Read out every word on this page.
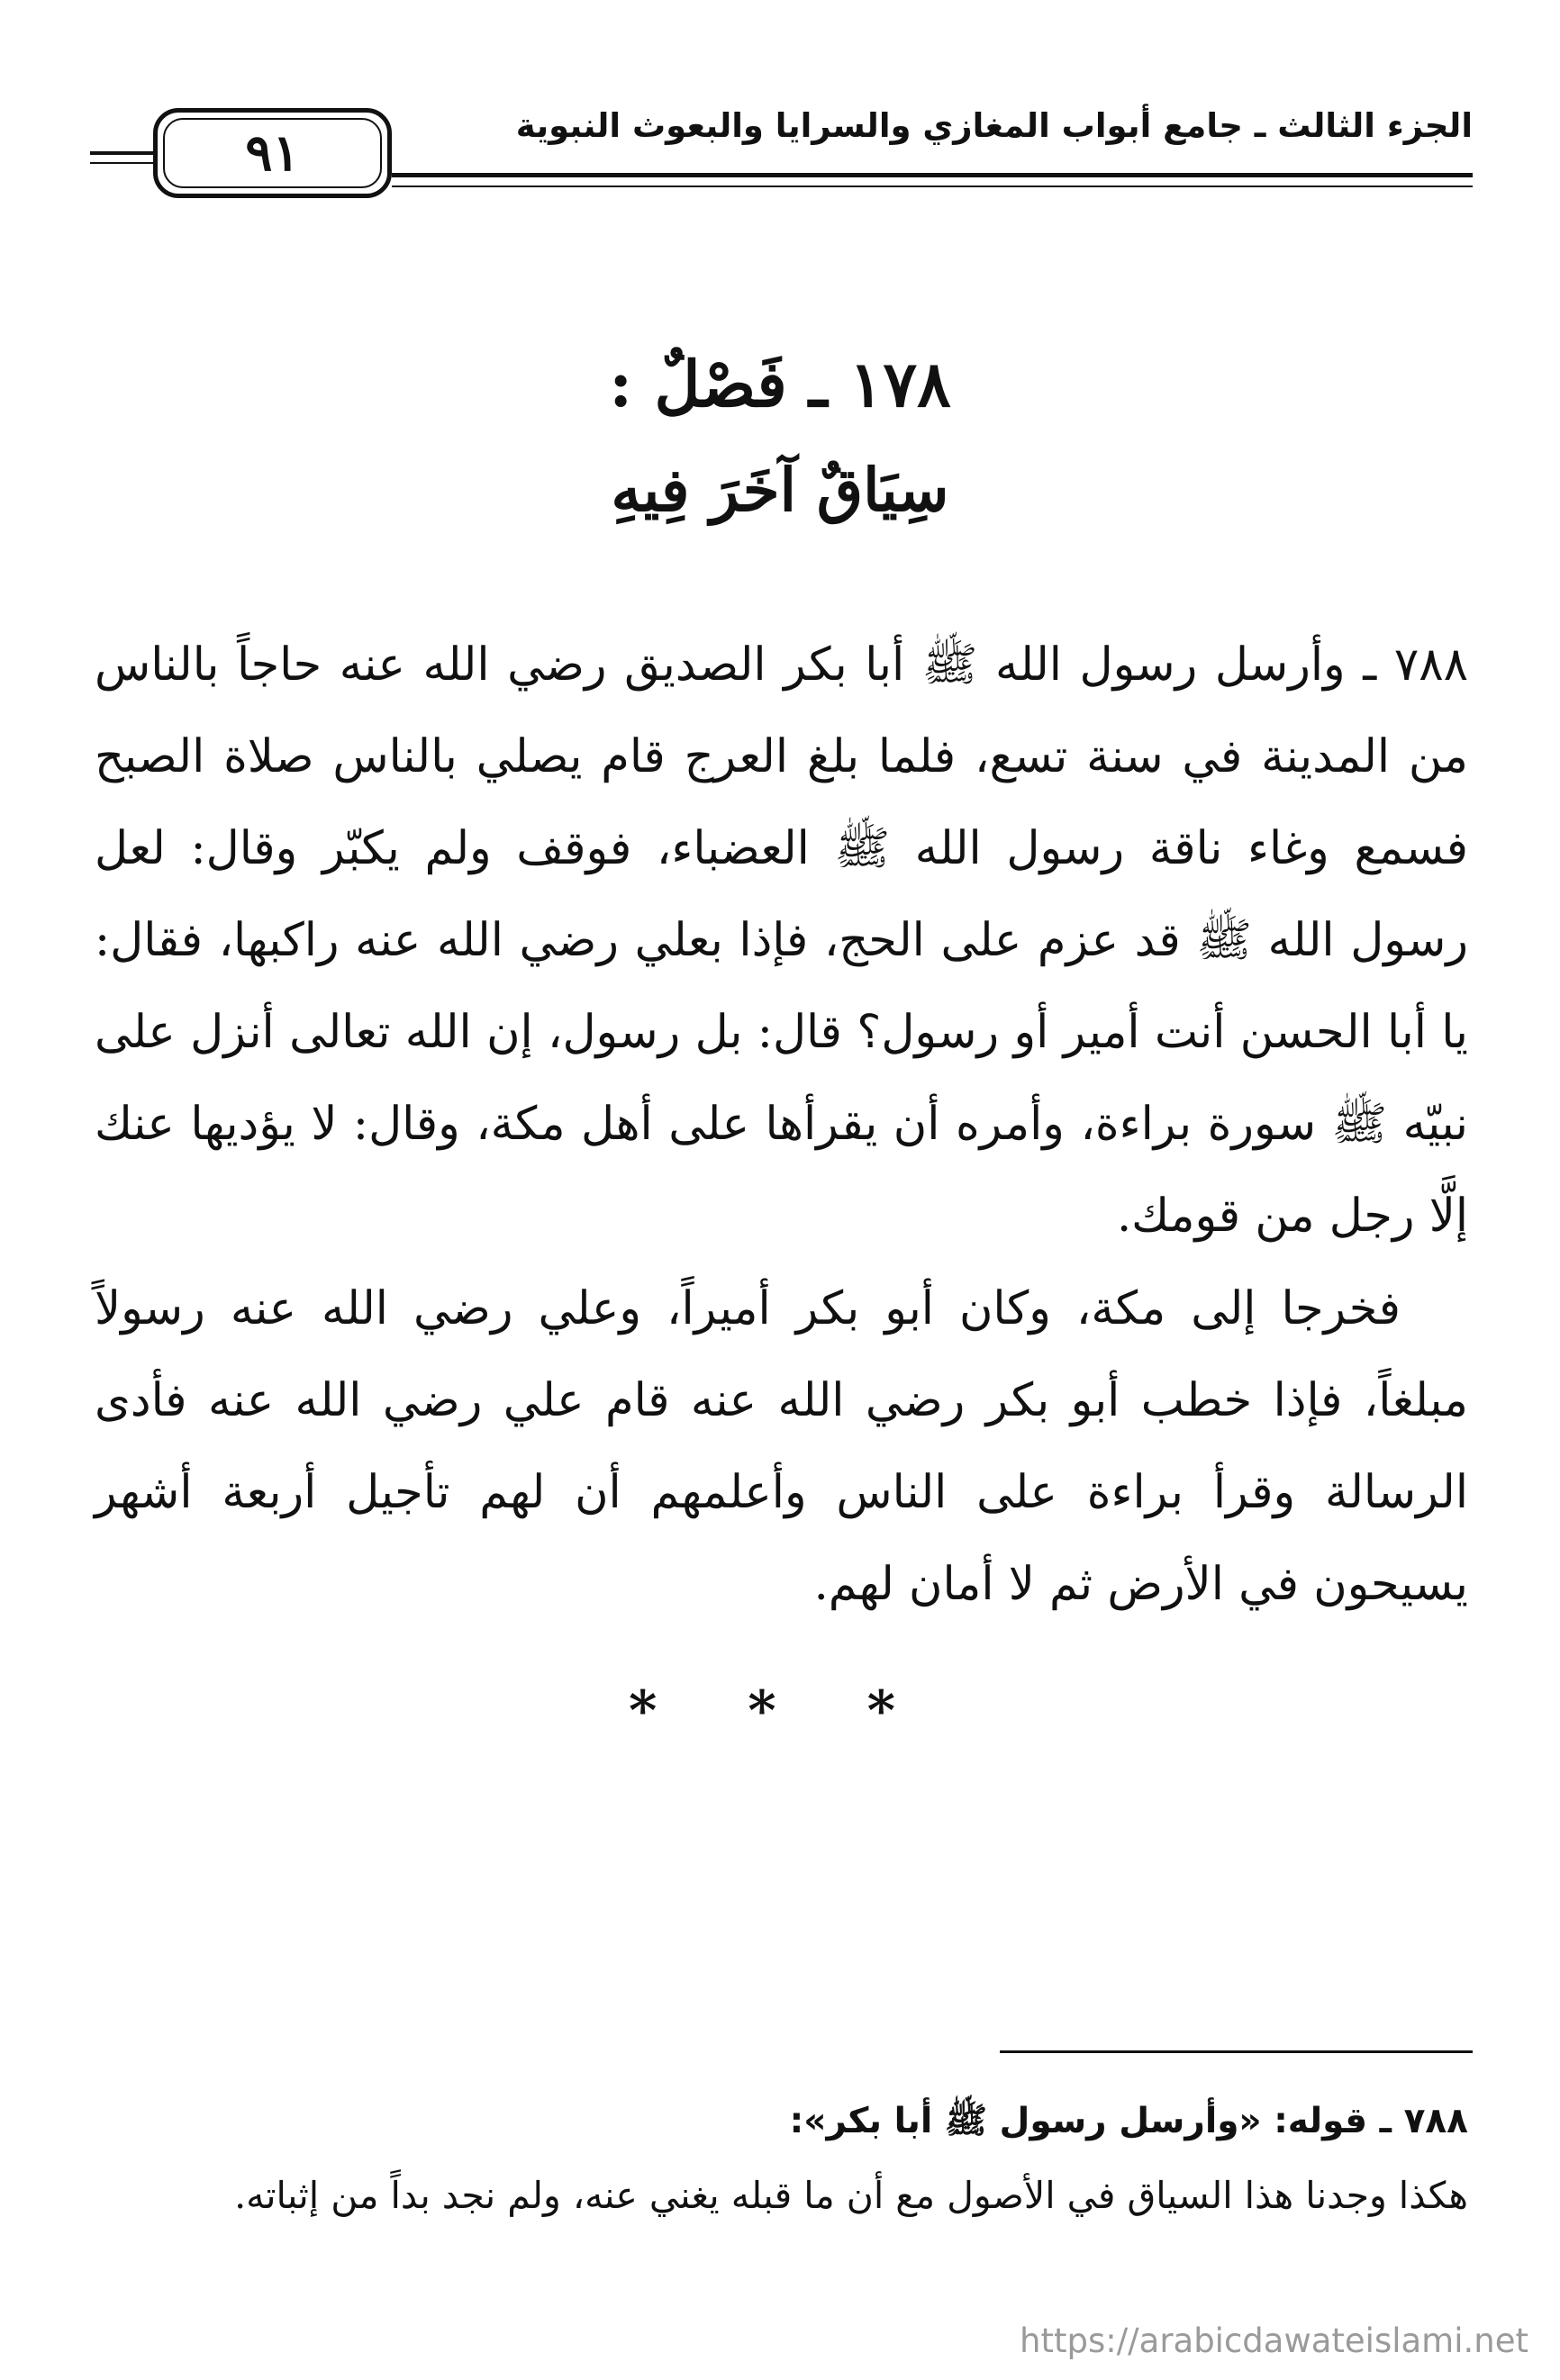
٩١	الجزء الثالث ـ جامع أبواب المغازي والسرايا والبعوث النبوية
١٧٨ ـ فَصْلٌ :
سِيَاقٌ آخَرَ فِيهِ
٧٨٨ ـ وأرسل رسول الله ﷺ أبا بكر الصديق رضي الله عنه حاجاً بالناس من المدينة في سنة تسع، فلما بلغ العرج قام يصلي بالناس صلاة الصبح فسمع وغاء ناقة رسول الله ﷺ العضباء، فوقف ولم يكبّر وقال: لعل رسول الله ﷺ قد عزم على الحج، فإذا بعلي رضي الله عنه راكبها، فقال: يا أبا الحسن أنت أمير أو رسول؟ قال: بل رسول، إن الله تعالى أنزل على نبيّه ﷺ سورة براءة، وأمره أن يقرأها على أهل مكة، وقال: لا يؤديها عنك إلَّا رجل من قومك.
فخرجا إلى مكة، وكان أبو بكر أميراً، وعلي رضي الله عنه رسولاً مبلغاً، فإذا خطب أبو بكر رضي الله عنه قام علي رضي الله عنه فأدى الرسالة وقرأ براءة على الناس وأعلمهم أن لهم تأجيل أربعة أشهر يسيحون في الأرض ثم لا أمان لهم.
* * *
٧٨٨ ـ قوله: «وأرسل رسول ﷺ أبا بكر»:
هكذا وجدنا هذا السياق في الأصول مع أن ما قبله يغني عنه، ولم نجد بداً من إثباته.
https://arabicdawateislami.net
